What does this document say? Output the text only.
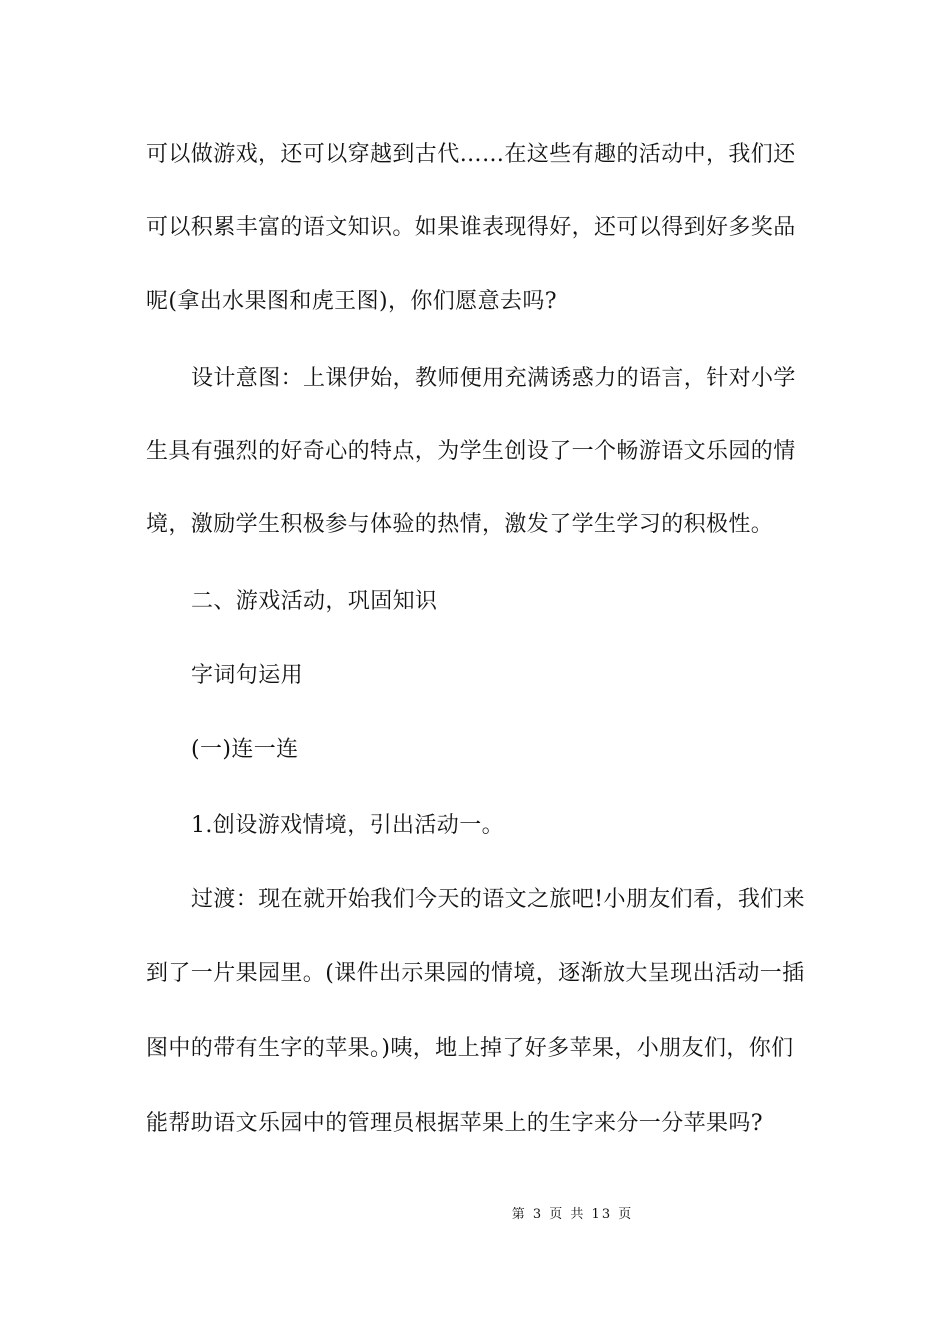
可以做游戏，还可以穿越到古代……在这些有趣的活动中，我们还
可以积累丰富的语文知识。如果谁表现得好，还可以得到好多奖品
呢(拿出水果图和虎王图)，你们愿意去吗?
设计意图：上课伊始，教师便用充满诱惑力的语言，针对小学
生具有强烈的好奇心的特点，为学生创设了一个畅游语文乐园的情
境，激励学生积极参与体验的热情，激发了学生学习的积极性。
二、游戏活动，巩固知识
字词句运用
(一)连一连
1.创设游戏情境，引出活动一。
过渡：现在就开始我们今天的语文之旅吧!小朋友们看，我们来
到了一片果园里。(课件出示果园的情境，逐渐放大呈现出活动一插
图中的带有生字的苹果。)咦，地上掉了好多苹果，小朋友们，你们
能帮助语文乐园中的管理员根据苹果上的生字来分一分苹果吗?
第 3 页 共 13 页
